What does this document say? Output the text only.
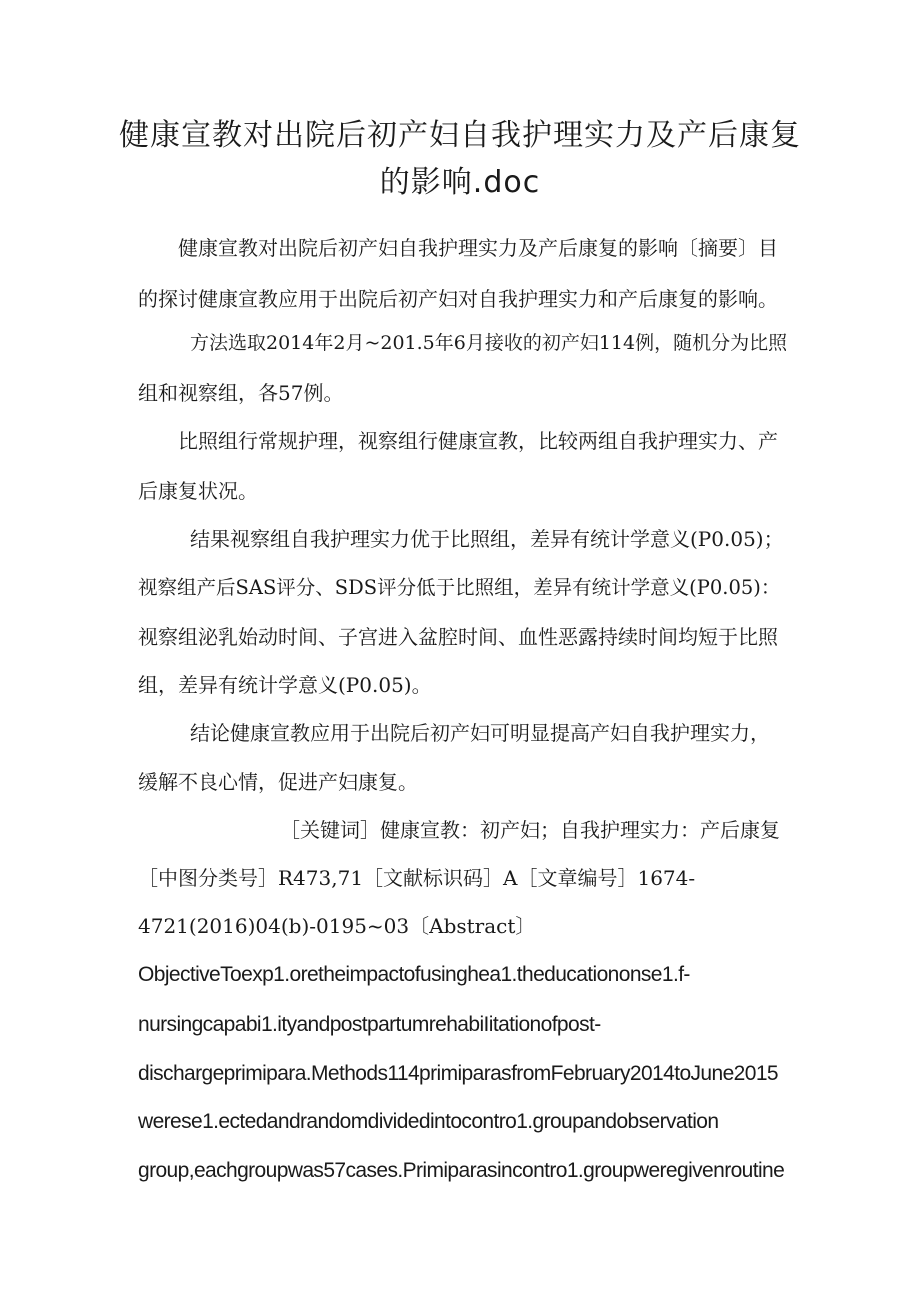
健康宣教对出院后初产妇自我护理实力及产后康复
的影响.doc
健康宣教对出院后初产妇自我护理实力及产后康复的影响〔摘要〕目
的探讨健康宣教应用于出院后初产妇对自我护理实力和产后康复的影响。
方法选取2014年2月~201.5年6月接收的初产妇114例，随机分为比照
组和视察组，各57例。
比照组行常规护理，视察组行健康宣教，比较两组自我护理实力、产
后康复状况。
结果视察组自我护理实力优于比照组，差异有统计学意义(P0.05)；
视察组产后SAS评分、SDS评分低于比照组，差异有统计学意义(P0.05)：
视察组泌乳始动时间、子宫进入盆腔时间、血性恶露持续时间均短于比照
组，差异有统计学意义(P0.05)。
结论健康宣教应用于出院后初产妇可明显提高产妇自我护理实力，
缓解不良心情，促进产妇康复。
［关键词］健康宣教：初产妇；自我护理实力：产后康复
［中图分类号］R473,71［文献标识码］A［文章编号］1674-
4721(2016)04(b)-0195~03〔Abstract〕
ObjectiveToexp1.oretheimpactofusinghea1.theducationonse1.f-
nursingcapabi1.ityandpostpartumrehabiIitationofpost-
dischargeprimipara.Methods114primiparasfromFebruary2014toJune2015
werese1.ectedandrandomdividedintocontro1.groupandobservation
group,eachgroupwas57cases.Primiparasincontro1.groupweregivenroutine
